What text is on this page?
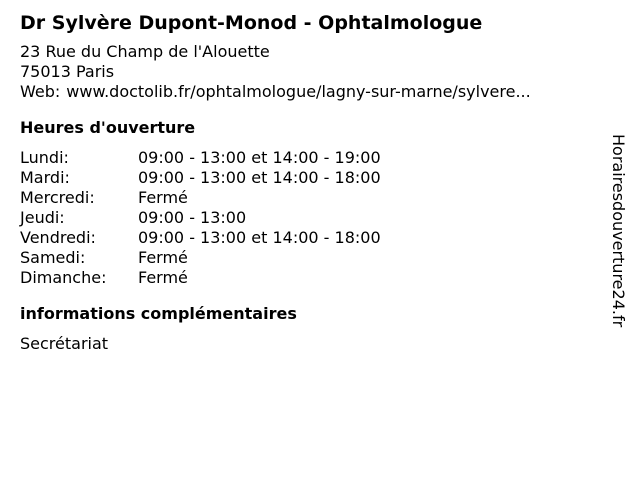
Dr Sylvère Dupont-Monod - Ophtalmologue
23 Rue du Champ de l'Alouette
75013 Paris
Web: www.doctolib.fr/ophtalmologue/lagny-sur-marne/sylvere...
Heures d'ouverture
Lundi:	09:00 - 13:00 et 14:00 - 19:00
Mardi:	09:00 - 13:00 et 14:00 - 18:00
Mercredi:	Fermé
Jeudi:	09:00 - 13:00
Vendredi:	09:00 - 13:00 et 14:00 - 18:00
Samedi:	Fermé
Dimanche:	Fermé
informations complémentaires
Secrétariat
Horairesdouverture24.fr
